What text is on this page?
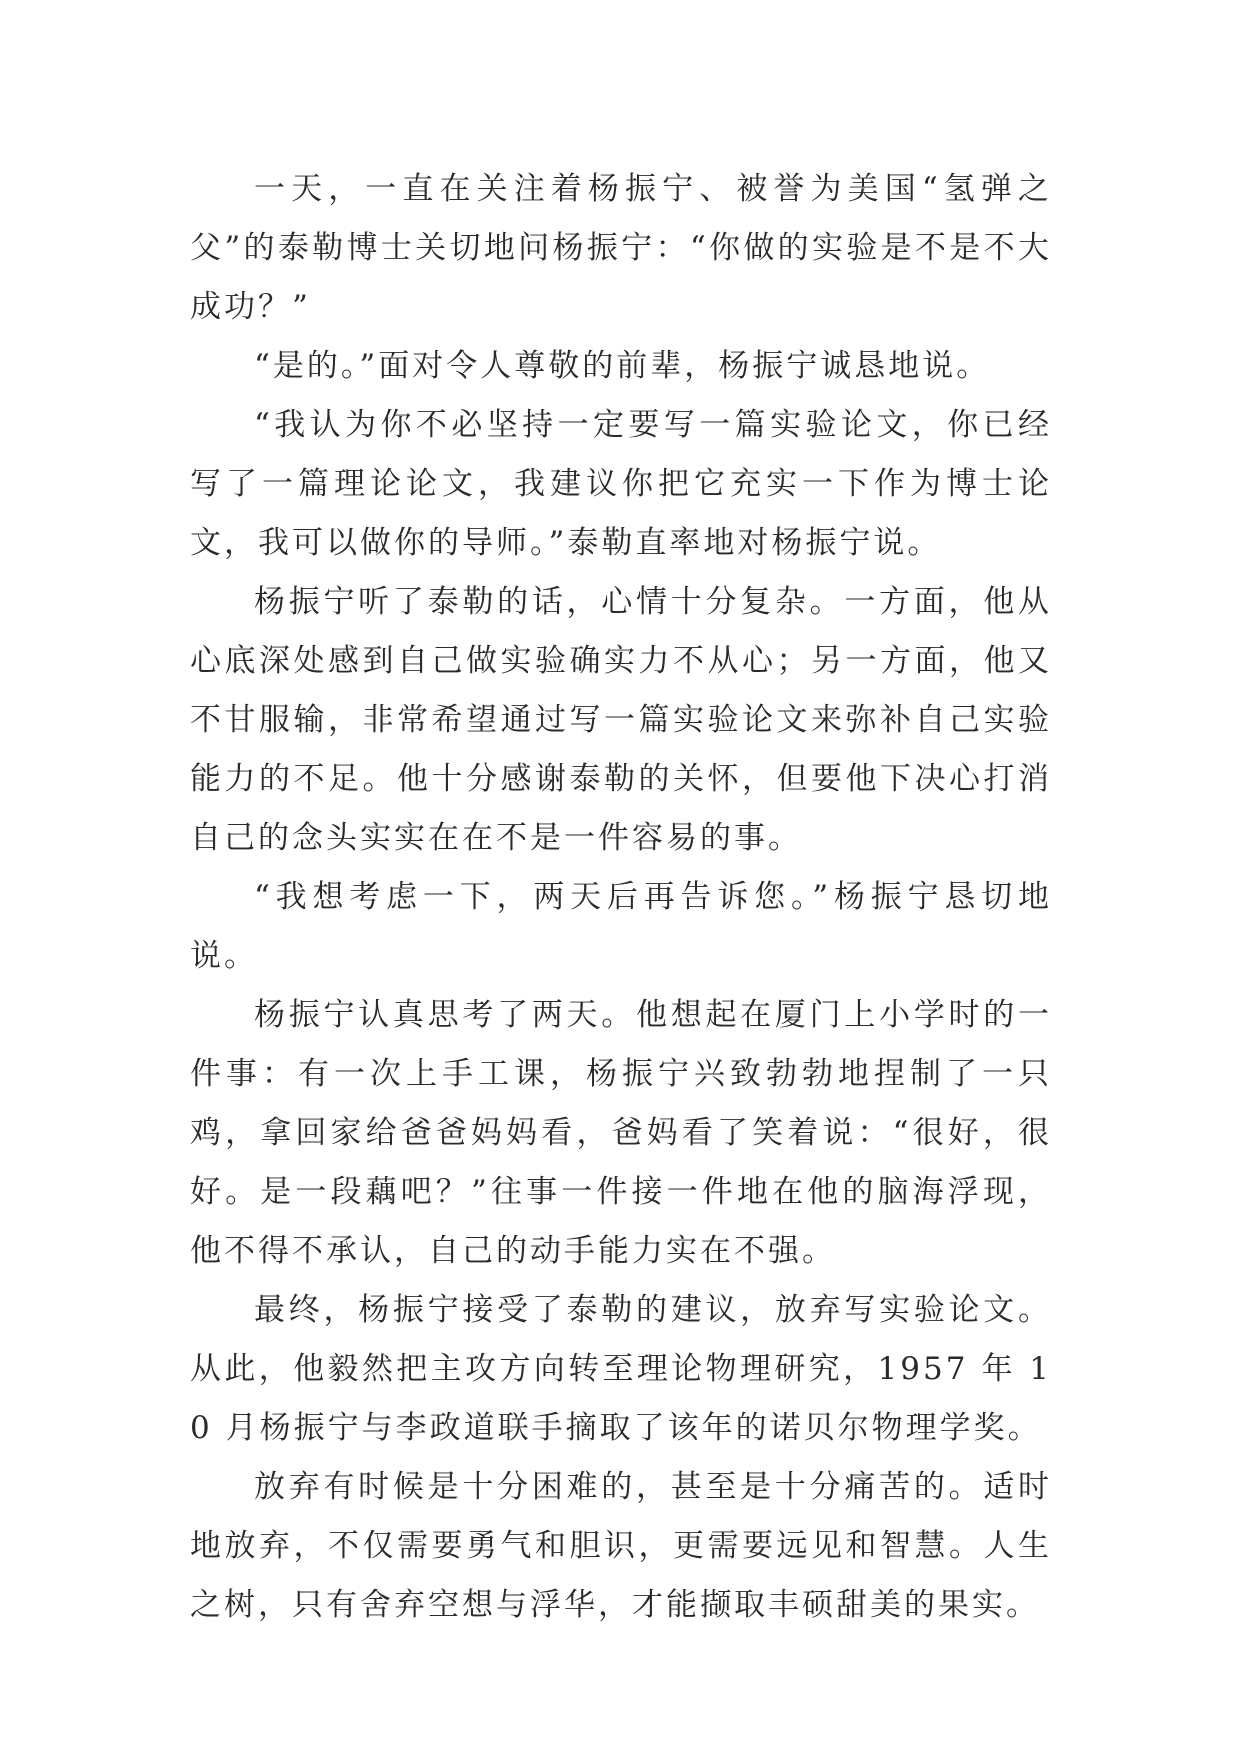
一天，一直在关注着杨振宁、被誉为美国“氢弹之父”的泰勒博士关切地问杨振宁：“你做的实验是不是不大成功？”

“是的。”面对令人尊敬的前辈，杨振宁诚恳地说。

“我认为你不必坚持一定要写一篇实验论文，你已经写了一篇理论论文，我建议你把它充实一下作为博士论文，我可以做你的导师。”泰勒直率地对杨振宁说。

杨振宁听了泰勒的话，心情十分复杂。一方面，他从心底深处感到自己做实验确实力不从心；另一方面，他又不甘服输，非常希望通过写一篇实验论文来弥补自己实验能力的不足。他十分感谢泰勒的关怀，但要他下决心打消自己的念头实实在在不是一件容易的事。

“我想考虑一下，两天后再告诉您。”杨振宁恳切地说。

杨振宁认真思考了两天。他想起在厦门上小学时的一件事：有一次上手工课，杨振宁兴致勃勃地捏制了一只鸡，拿回家给爸爸妈妈看，爸妈看了笑着说：“很好，很好。是一段藕吧？”往事一件接一件地在他的脑海浮现，他不得不承认，自己的动手能力实在不强。

最终，杨振宁接受了泰勒的建议，放弃写实验论文。从此，他毅然把主攻方向转至理论物理研究，1957 年 10 月杨振宁与李政道联手摘取了该年的诺贝尔物理学奖。

放弃有时候是十分困难的，甚至是十分痛苦的。适时地放弃，不仅需要勇气和胆识，更需要远见和智慧。人生之树，只有舍弃空想与浮华，才能撷取丰硕甜美的果实。
